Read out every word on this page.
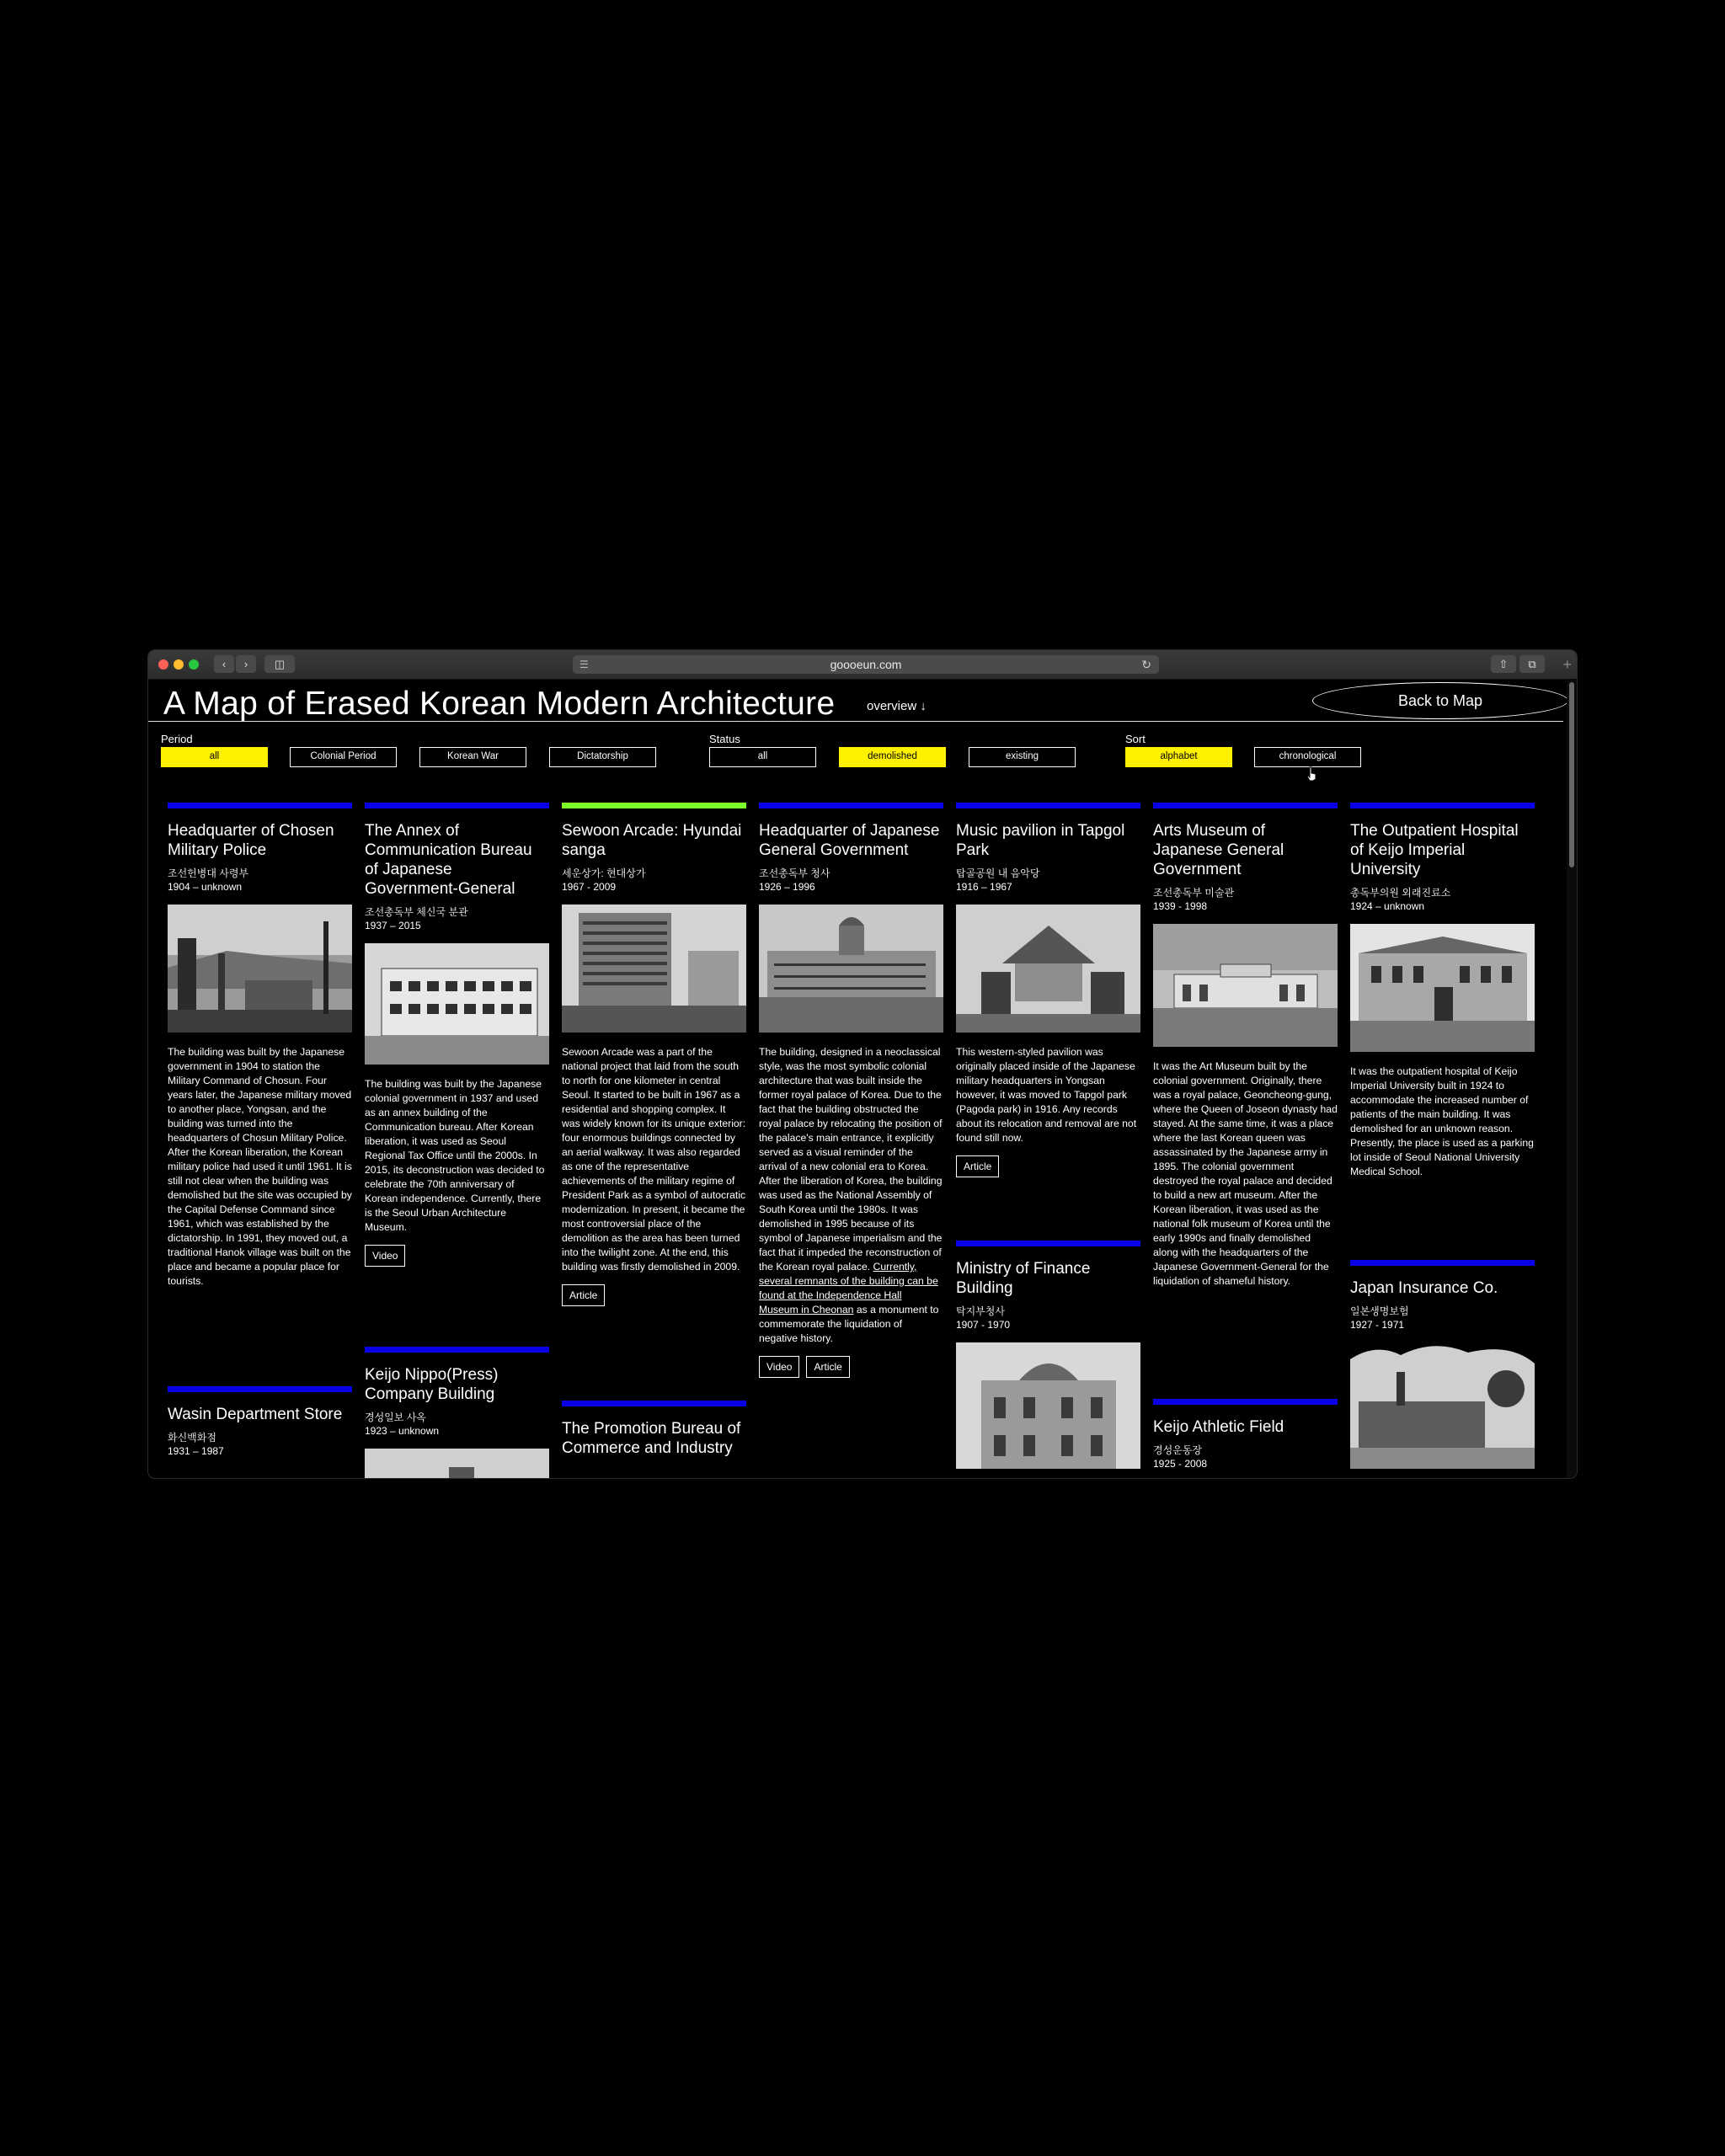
‹	›	◫	☰	goooeun.com	↻	⇧	⧉	+
A Map of Erased Korean Modern Architecture	overview ↓	Back to Map
Period
all	Colonial Period	Korean War	Dictatorship
Status
all	demolished	existing
Sort
alphabet	chronological
Headquarter of Chosen Military Police
조선헌병대 사령부
1904 – unknown
The building was built by the Japanese government in 1904 to station the Military Command of Chosun. Four years later, the Japanese military moved to another place, Yongsan, and the building was turned into the headquarters of Chosun Military Police. After the Korean liberation, the Korean military police had used it until 1961. It is still not clear when the building was demolished but the site was occupied by the Capital Defense Command since 1961, which was established by the dictatorship. In 1991, they moved out, a traditional Hanok village was built on the place and became a popular place for tourists.
Wasin Department Store
화신백화점
1931 – 1987
The Annex of Communication Bureau of Japanese Government-General
조선총독부 체신국 분관
1937 – 2015
The building was built by the Japanese colonial government in 1937 and used as an annex building of the Communication bureau. After Korean liberation, it was used as Seoul Regional Tax Office until the 2000s. In 2015, its deconstruction was decided to celebrate the 70th anniversary of Korean independence. Currently, there is the Seoul Urban Architecture Museum.
Video
Keijo Nippo(Press) Company Building
경성일보 사옥
1923 – unknown
Sewoon Arcade: Hyundai sanga
세운상가: 현대상가
1967 - 2009
Sewoon Arcade was a part of the national project that laid from the south to north for one kilometer in central Seoul. It started to be built in 1967 as a residential and shopping complex. It was widely known for its unique exterior: four enormous buildings connected by an aerial walkway. It was also regarded as one of the representative achievements of the military regime of President Park as a symbol of autocratic modernization. In present, it became the most controversial place of the demolition as the area has been turned into the twilight zone. At the end, this building was firstly demolished in 2009.
Article
The Promotion Bureau of Commerce and Industry
Headquarter of Japanese General Government
조선총독부 청사
1926 – 1996
The building, designed in a neoclassical style, was the most symbolic colonial architecture that was built inside the former royal palace of Korea. Due to the fact that the building obstructed the royal palace by relocating the position of the palace's main entrance, it explicitly served as a visual reminder of the arrival of a new colonial era to Korea. After the liberation of Korea, the building was used as the National Assembly of South Korea until the 1980s. It was demolished in 1995 because of its symbol of Japanese imperialism and the fact that it impeded the reconstruction of the Korean royal palace. Currently, several remnants of the building can be found at the Independence Hall Museum in Cheonan as a monument to commemorate the liquidation of negative history.
Video Article
Music pavilion in Tapgol Park
탑골공원 내 음악당
1916 – 1967
This western-styled pavilion was originally placed inside of the Japanese military headquarters in Yongsan however, it was moved to Tapgol park (Pagoda park) in 1916. Any records about its relocation and removal are not found still now.
Article
Ministry of Finance Building
탁지부청사
1907 - 1970
Arts Museum of Japanese General Government
조선총독부 미술관
1939 - 1998
It was the Art Museum built by the colonial government. Originally, there was a royal palace, Geoncheong-gung, where the Queen of Joseon dynasty had stayed. At the same time, it was a place where the last Korean queen was assassinated by the Japanese army in 1895. The colonial government destroyed the royal palace and decided to build a new art museum. After the Korean liberation, it was used as the national folk museum of Korea until the early 1990s and finally demolished along with the headquarters of the Japanese Government-General for the liquidation of shameful history.
Keijo Athletic Field
경성운동장
1925 - 2008
The Outpatient Hospital of Keijo Imperial University
총독부의원 외래진료소
1924 – unknown
It was the outpatient hospital of Keijo Imperial University built in 1924 to accommodate the increased number of patients of the main building. It was demolished for an unknown reason. Presently, the place is used as a parking lot inside of Seoul National University Medical School.
Japan Insurance Co.
일본생명보험
1927 - 1971
